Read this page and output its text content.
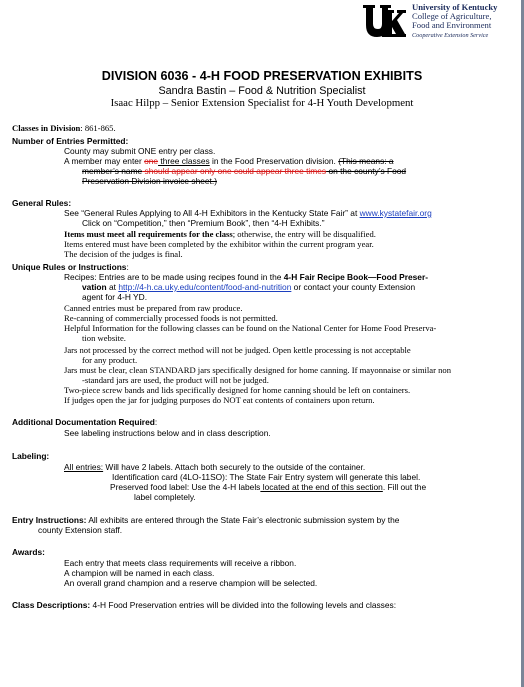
University of Kentucky
College of Agriculture,
Food and Environment
Cooperative Extension Service
DIVISION 6036 - 4-H FOOD PRESERVATION EXHIBITS
Sandra Bastin – Food & Nutrition Specialist
Isaac Hilpp – Senior Extension Specialist for 4-H Youth Development
Classes in Division: 861-865.
Number of Entries Permitted:
County may submit ONE entry per class.
A member may enter one three classes in the Food Preservation division. (This means: a
member’s name should appear only one could appear three times on the county’s Food
Preservation Division invoice sheet.)
General Rules:
See “General Rules Applying to All 4-H Exhibitors in the Kentucky State Fair” at www.kystatefair.org
Click on “Competition,” then “Premium Book”, then “4-H Exhibits.”
Items must meet all requirements for the class; otherwise, the entry will be disqualified.
Items entered must have been completed by the exhibitor within the current program year.
The decision of the judges is final.
Unique Rules or Instructions:
Recipes: Entries are to be made using recipes found in the 4-H Fair Recipe Book—Food Preser-
vation at http://4-h.ca.uky.edu/content/food-and-nutrition or contact your county Extension
agent for 4-H YD.
Canned entries must be prepared from raw produce.
Re-canning of commercially processed foods is not permitted.
Helpful Information for the following classes can be found on the National Center for Home Food Preserva-
tion website.
Jars not processed by the correct method will not be judged. Open kettle processing is not acceptable
for any product.
Jars must be clear, clean STANDARD jars specifically designed for home canning. If mayonnaise or similar non
-standard jars are used, the product will not be judged.
Two-piece screw bands and lids specifically designed for home canning should be left on containers.
If judges open the jar for judging purposes do NOT eat contents of containers upon return.
Additional Documentation Required:
See labeling instructions below and in class description.
Labeling:
All entries: Will have 2 labels. Attach both securely to the outside of the container.
Identification card (4LO-11SO): The State Fair Entry system will generate this label.
Preserved food label: Use the 4-H labels located at the end of this section. Fill out the
label completely.
Entry Instructions: All exhibits are entered through the State Fair’s electronic submission system by the
county Extension staff.
Awards:
Each entry that meets class requirements will receive a ribbon.
A champion will be named in each class.
An overall grand champion and a reserve champion will be selected.
Class Descriptions: 4-H Food Preservation entries will be divided into the following levels and classes:
